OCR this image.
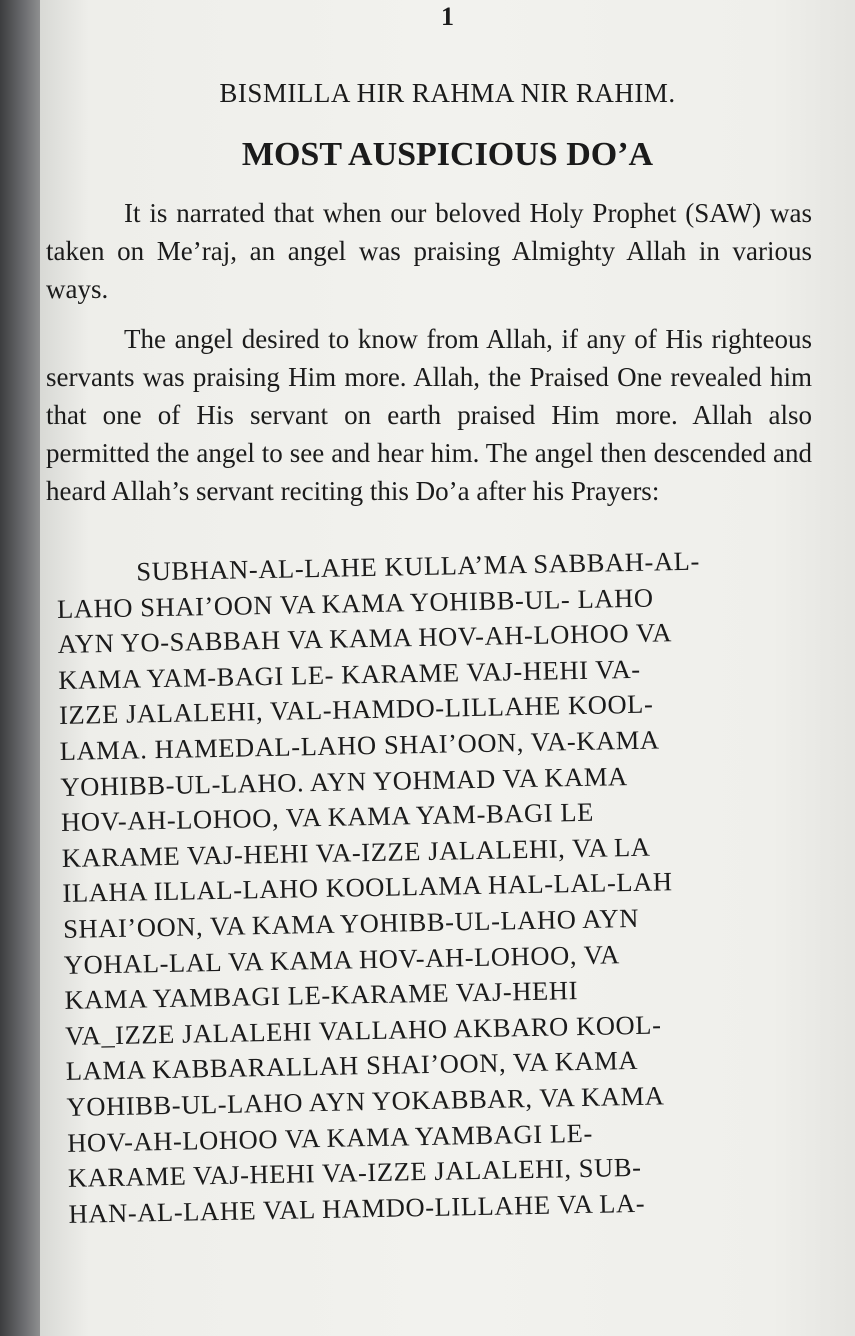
1
BISMILLA HIR RAHMA NIR RAHIM.
MOST AUSPICIOUS DO’A
It is narrated that when our beloved Holy Prophet (SAW) was taken on Me’raj, an angel was praising Almighty Allah in various ways.
The angel desired to know from Allah, if any of His righteous servants was praising Him more. Allah, the Praised One revealed him that one of His servant on earth praised Him more. Allah also permitted the angel to see and hear him. The angel then descended and heard Allah’s servant reciting this Do’a after his Prayers:
SUBHAN-AL-LAHE KULLA’MA SABBAH-AL-
LAHO SHAI’OON VA KAMA YOHIBB-UL- LAHO
AYN YO-SABBAH VA KAMA HOV-AH-LOHOO VA
KAMA YAM-BAGI LE- KARAME VAJ-HEHI VA-
IZZE JALALEHI, VAL-HAMDO-LILLAHE KOOL-
LAMA. HAMEDAL-LAHO SHAI’OON, VA-KAMA
YOHIBB-UL-LAHO. AYN YOHMAD VA KAMA
HOV-AH-LOHOO, VA KAMA YAM-BAGI LE
KARAME VAJ-HEHI VA-IZZE JALALEHI, VA LA
ILAHA ILLAL-LAHO KOOLLAMA HAL-LAL-LAH
SHAI’OON, VA KAMA YOHIBB-UL-LAHO AYN
YOHAL-LAL VA KAMA HOV-AH-LOHOO, VA
KAMA YAMBAGI LE-KARAME VAJ-HEHI
VA_IZZE JALALEHI VALLAHO AKBARO KOOL-
LAMA KABBARALLAH SHAI’OON, VA KAMA
YOHIBB-UL-LAHO AYN YOKABBAR, VA KAMA
HOV-AH-LOHOO VA KAMA YAMBAGI LE-
KARAME VAJ-HEHI VA-IZZE JALALEHI, SUB-
HAN-AL-LAHE VAL HAMDO-LILLAHE VA LA-
